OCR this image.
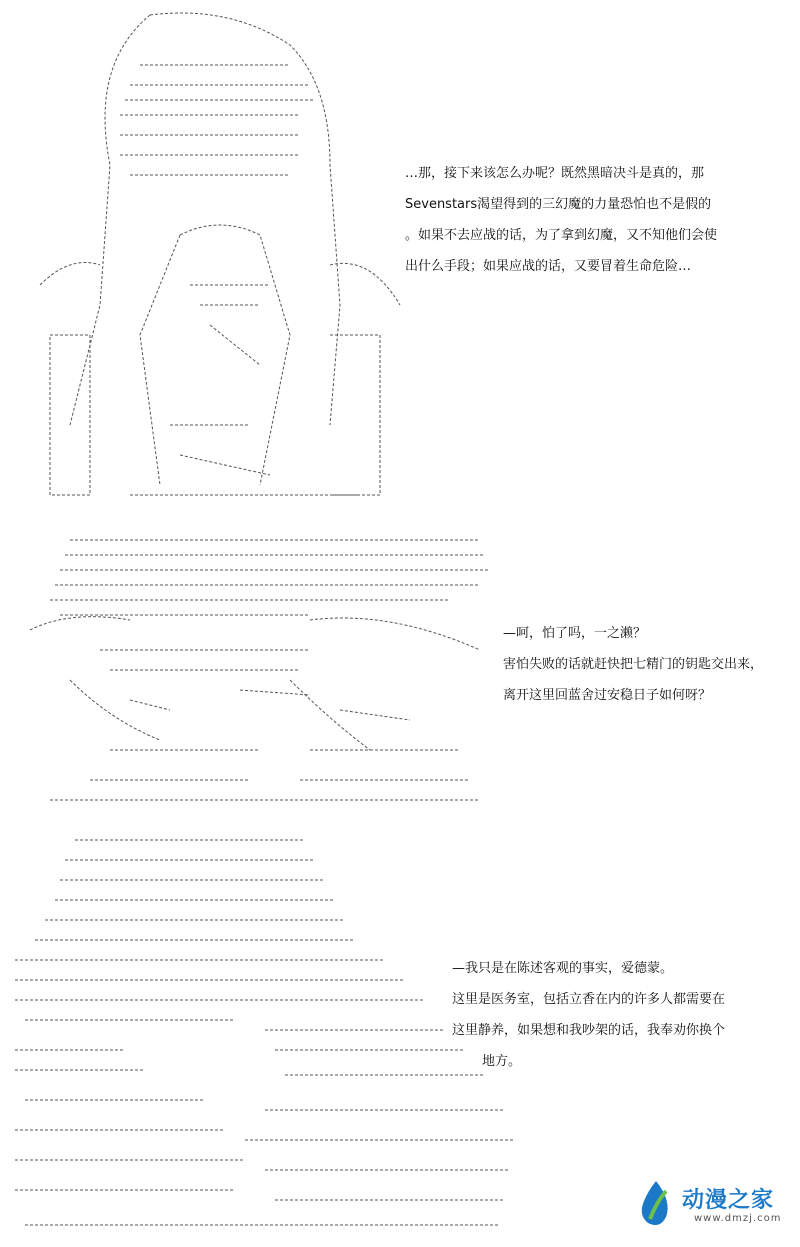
…那，接下来该怎么办呢？既然黑暗决斗是真的，那

Sevenstars渴望得到的三幻魔的力量恐怕也不是假的

。如果不去应战的话，为了拿到幻魔，又不知他们会使

出什么手段；如果应战的话，又要冒着生命危险…

—呵，怕了吗，一之濑？

害怕失败的话就赶快把七精门的钥匙交出来，

离开这里回蓝舍过安稳日子如何呀？

—我只是在陈述客观的事实，爱德蒙。

这里是医务室，包括立香在内的许多人都需要在

这里静养，如果想和我吵架的话，我奉劝你换个

地方。

动漫之家
www.dmzj.com
